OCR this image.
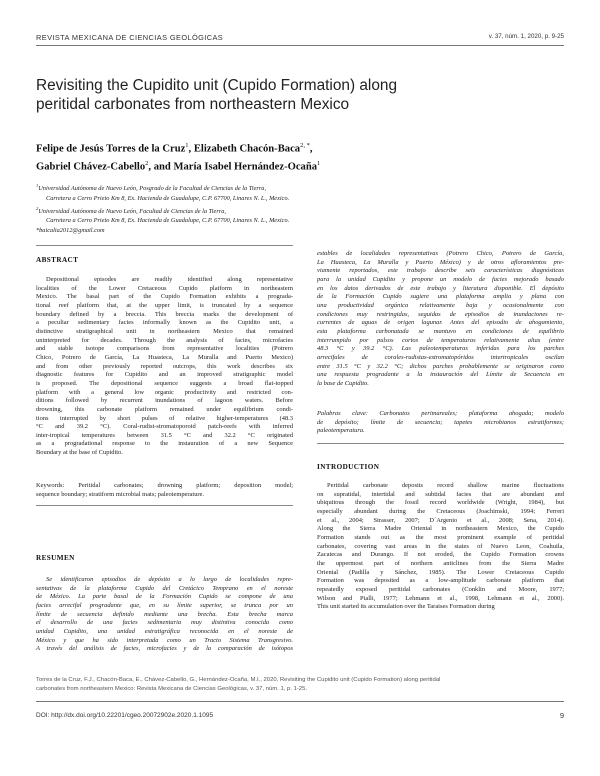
REVISTA MEXICANA DE CIENCIAS GEOLÓGICAS	v. 37, núm. 1, 2020, p. 9-25
Revisiting the Cupidito unit (Cupido Formation) along
peritidal carbonates from northeastern Mexico
Felipe de Jesús Torres de la Cruz$^1$, Elizabeth Chacón-Baca$^{2, *}$,
Gabriel Chávez-Cabello$^2$, and María Isabel Hernández-Ocaña$^1$
$^1$Universidad Autónoma de Nuevo León, Posgrado de la Facultad de Ciencias de la Tierra,
Carretera a Cerro Prieto Km 8, Ex. Hacienda de Guadalupe, C.P. 67700, Linares N. L., Mexico.
$^2$Universidad Autónoma de Nuevo León, Facultad de Ciencias de la Tierra,
Carretera a Cerro Prieto Km 8, Ex. Hacienda de Guadalupe, C.P. 67700, Linares N. L., Mexico.
*baicalia2012@gmail.com
ABSTRACT
Depositional episodes are readily identified along representative
localities of the Lower Cretaceous Cupido platform in northeastern
Mexico. The basal part of the Cupido Formation exhibits a prograda-
tional reef platform that, at the upper limit, is truncated by a sequence
boundary defined by a breccia. This breccia marks the development of
a peculiar sedimentary facies informally known as the Cupidito unit, a
distinctive stratigraphical unit in northeastern Mexico that remained
uninterpreted for decades. Through the analysis of facies, microfacies
and stable isotope comparisons from representative localities (Potrero
Chico, Potrero de García, La Huasteca, La Muralla and Puerto Mexico)
and from other previously reported outcrops, this work describes six
diagnostic features for Cupidito and an improved stratigraphic model
is proposed. The depositional sequence suggests a broad flat-topped
platform with a general low organic productivity and restricted con-
ditions followed by recurrent inundations of lagoon waters. Before
drowning, this carbonate platform remained under equilibrium condi-
tions interrupted by short pulses of relative higher-temperatures (48.3
°C and 39.2 °C). Coral-rudist-stromatoporoid patch-reefs with inferred
inter-tropical temperatures between 31.5 °C and 32.2 °C originated
as a progradational response to the instauration of a new Sequence
Boundary at the base of Cupidito.
Keywords: Peritidal carbonates; drowning platform; deposition model;
sequence boundary; stratiform microbial mats; paleotemperature.
RESUMEN
Se identificaron episodios de depósito a lo largo de localidades repre-
sentativas de la plataforma Cupido del Cretácico Temprano en el noreste
de México. La parte basal de la Formación Cupido se compone de una
facies arrecifal progradante que, en su límite superior, se trunca por un
límite de secuencia definido mediante una brecha. Esta brecha marca
el desarrollo de una facies sedimentaria muy distintiva conocida como
unidad Cupidito, una unidad estratigráfica reconocida en el noreste de
México y que ha sido interpretada como un Tracto Sistema Transgresivo.
A través del análisis de facies, microfacies y de la comparación de isótopos
estables de localidades representativas (Potrero Chico, Potrero de García,
La Huasteca, La Muralla y Puerto México) y de otros afloramientos pre-
viamente reportados, este trabajo describe seis características diagnósticas
para la unidad Cupidito y propone un modelo de facies mejorado basado
en los datos derivados de este trabajo y literatura disponible. El depósito
de la Formación Cupido sugiere una plataforma amplia y plana con
una productividad orgánica relativamente baja y ocasionalmente con
condiciones muy restringidas, seguidas de episodios de inundaciones re-
currentes de aguas de origen lagunar. Antes del episodio de ahogamiento,
esta plataforma carbonatada se mantuvo en condiciones de equilibrio
interrumpido por pulsos cortos de temperaturas relativamente altas (entre
48.3 °C y 39.2 °C). Las paleotemperaturas inferidas para los parches
arrecifales de corales-rudistas-estromatopóridos intertropicales oscilan
entre 31.5 °C y 32.2 °C; dichos parches probablemente se originaron como
una respuesta progradante a la instauración del Límite de Secuencia en
la base de Cupidito.
Palabras clave: Carbonatos perimareales; plataforma ahogada; modelo
de depósito; límite de secuencia; tapetes microbianos estratiformes;
paleotemperatura.
INTRODUCTION
Peritidal carbonate deposits record shallow marine fluctuations
on supratidal, intertidal and subtidal facies that are abundant and
ubiquitous through the fossil record worldwide (Wright, 1984), but
especially abundant during the Cretaceous (Joachimski, 1994; Ferreri
et al., 2004; Strasser, 2007; D´Argenio et al., 2008; Sena, 2014).
Along the Sierra Madre Oriental in northeastern Mexico, the Cupido
Formation stands out as the most prominent example of peritidal
carbonates, covering vast areas in the states of Nuevo Leon, Coahuila,
Zacatecas and Durango. If not eroded, the Cupido Formation crowns
the uppermost part of northern anticlines from the Sierra Madre
Oriental (Padilla y Sánchez, 1985). The Lower Cretaceous Cupido
Formation was deposited as a low-amplitude carbonate platform that
repeatedly exposed peritidal carbonates (Conklin and Moore, 1977;
Wilson and Pialli, 1977; Lehmann et al., 1998, Lehmann et al., 2000).
This unit started its accumulation over the Taraises Formation during
Torres de la Cruz, F.J., Chacón-Baca, E., Chávez-Cabello, G., Hernández-Ocaña, M.I., 2020, Revisiting the Cupidito unit (Cupido Formation) along peritidal
carbonates from northeastern Mexico: Revista Mexicana de Ciencias Geológicas, v. 37, núm. 1, p. 1-25.
DOI: http://dx.doi.org/10.22201/cgeo.20072902e.2020.1.1095	9
